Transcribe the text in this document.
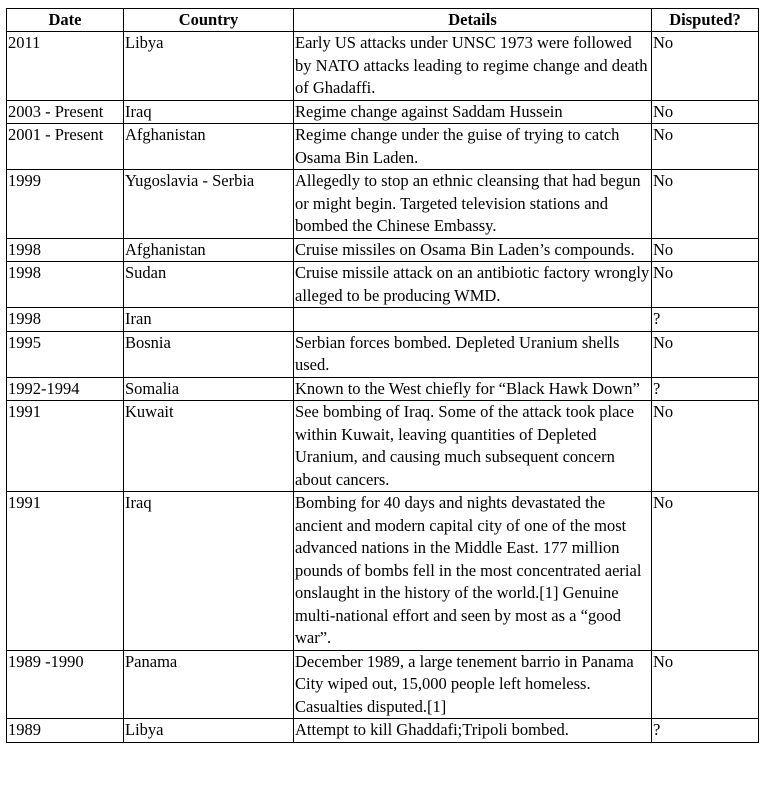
Date	Country	Details	Disputed?
2011	Libya	Early US attacks under UNSC 1973 were followed by NATO attacks leading to regime change and death of Ghadaffi.	No
2003 - Present	Iraq	Regime change against Saddam Hussein	No
2001 - Present	Afghanistan	Regime change under the guise of trying to catch Osama Bin Laden.	No
1999	Yugoslavia - Serbia	Allegedly to stop an ethnic cleansing that had begun or might begin. Targeted television stations and bombed the Chinese Embassy.	No
1998	Afghanistan	Cruise missiles on Osama Bin Laden’s compounds.	No
1998	Sudan	Cruise missile attack on an antibiotic factory wrongly alleged to be producing WMD.	No
1998	Iran		?
1995	Bosnia	Serbian forces bombed. Depleted Uranium shells used.	No
1992-1994	Somalia	Known to the West chiefly for “Black Hawk Down”	?
1991	Kuwait	See bombing of Iraq. Some of the attack took place within Kuwait, leaving quantities of Depleted Uranium, and causing much subsequent concern about cancers.	No
1991	Iraq	Bombing for 40 days and nights devastated the ancient and modern capital city of one of the most advanced nations in the Middle East. 177 million pounds of bombs fell in the most concentrated aerial onslaught in the history of the world.[1] Genuine multi-national effort and seen by most as a “good war”.	No
1989 -1990	Panama	December 1989, a large tenement barrio in Panama City wiped out, 15,000 people left homeless. Casualties disputed.[1]	No
1989	Libya	Attempt to kill Ghaddafi;Tripoli bombed.	?
